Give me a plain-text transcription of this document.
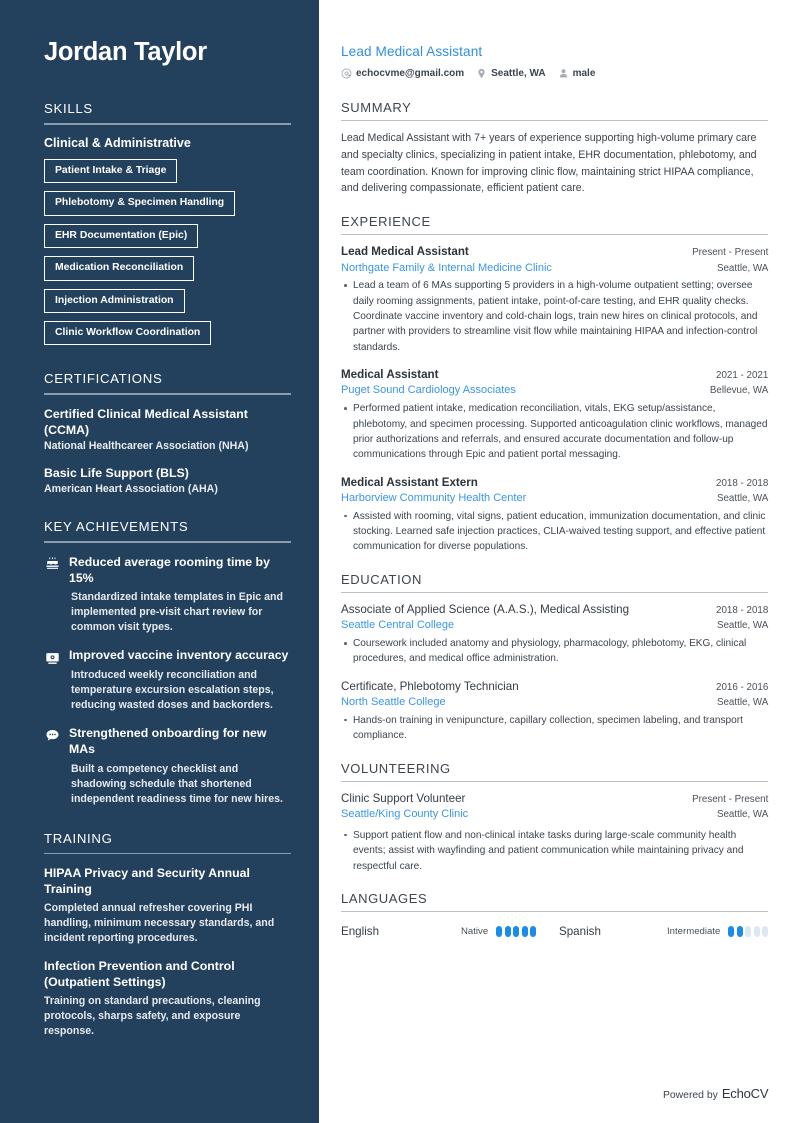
Jordan Taylor
SKILLS
Clinical & Administrative
Patient Intake & Triage
Phlebotomy & Specimen Handling
EHR Documentation (Epic)
Medication Reconciliation
Injection Administration
Clinic Workflow Coordination
CERTIFICATIONS
Certified Clinical Medical Assistant (CCMA)
National Healthcareer Association (NHA)
Basic Life Support (BLS)
American Heart Association (AHA)
KEY ACHIEVEMENTS
Reduced average rooming time by 15%
Standardized intake templates in Epic and implemented pre-visit chart review for common visit types.
Improved vaccine inventory accuracy
Introduced weekly reconciliation and temperature excursion escalation steps, reducing wasted doses and backorders.
Strengthened onboarding for new MAs
Built a competency checklist and shadowing schedule that shortened independent readiness time for new hires.
TRAINING
HIPAA Privacy and Security Annual Training
Completed annual refresher covering PHI handling, minimum necessary standards, and incident reporting procedures.
Infection Prevention and Control (Outpatient Settings)
Training on standard precautions, cleaning protocols, sharps safety, and exposure response.
Lead Medical Assistant
echocvme@gmail.com	Seattle, WA	male
SUMMARY

Lead Medical Assistant with 7+ years of experience supporting high-volume primary care and specialty clinics, specializing in patient intake, EHR documentation, phlebotomy, and team coordination. Known for improving clinic flow, maintaining strict HIPAA compliance, and delivering compassionate, efficient patient care.

EXPERIENCE
Lead Medical Assistant	Present - Present
Northgate Family & Internal Medicine Clinic	Seattle, WA
Lead a team of 6 MAs supporting 5 providers in a high-volume outpatient setting; oversee daily rooming assignments, patient intake, point-of-care testing, and EHR quality checks. Coordinate vaccine inventory and cold-chain logs, train new hires on clinical protocols, and partner with providers to streamline visit flow while maintaining HIPAA and infection-control standards.
Medical Assistant	2021 - 2021
Puget Sound Cardiology Associates	Bellevue, WA
Performed patient intake, medication reconciliation, vitals, EKG setup/assistance, phlebotomy, and specimen processing. Supported anticoagulation clinic workflows, managed prior authorizations and referrals, and ensured accurate documentation and follow-up communications through Epic and patient portal messaging.
Medical Assistant Extern	2018 - 2018
Harborview Community Health Center	Seattle, WA
Assisted with rooming, vital signs, patient education, immunization documentation, and clinic stocking. Learned safe injection practices, CLIA-waived testing support, and effective patient communication for diverse populations.
EDUCATION
Associate of Applied Science (A.A.S.), Medical Assisting	2018 - 2018
Seattle Central College	Seattle, WA
Coursework included anatomy and physiology, pharmacology, phlebotomy, EKG, clinical procedures, and medical office administration.
Certificate, Phlebotomy Technician	2016 - 2016
North Seattle College	Seattle, WA
Hands-on training in venipuncture, capillary collection, specimen labeling, and transport compliance.
VOLUNTEERING
Clinic Support Volunteer	Present - Present
Seattle/King County Clinic	Seattle, WA
Support patient flow and non-clinical intake tasks during large-scale community health events; assist with wayfinding and patient communication while maintaining privacy and respectful care.
LANGUAGES
English	Native	Spanish	Intermediate
Powered by EchoCV
